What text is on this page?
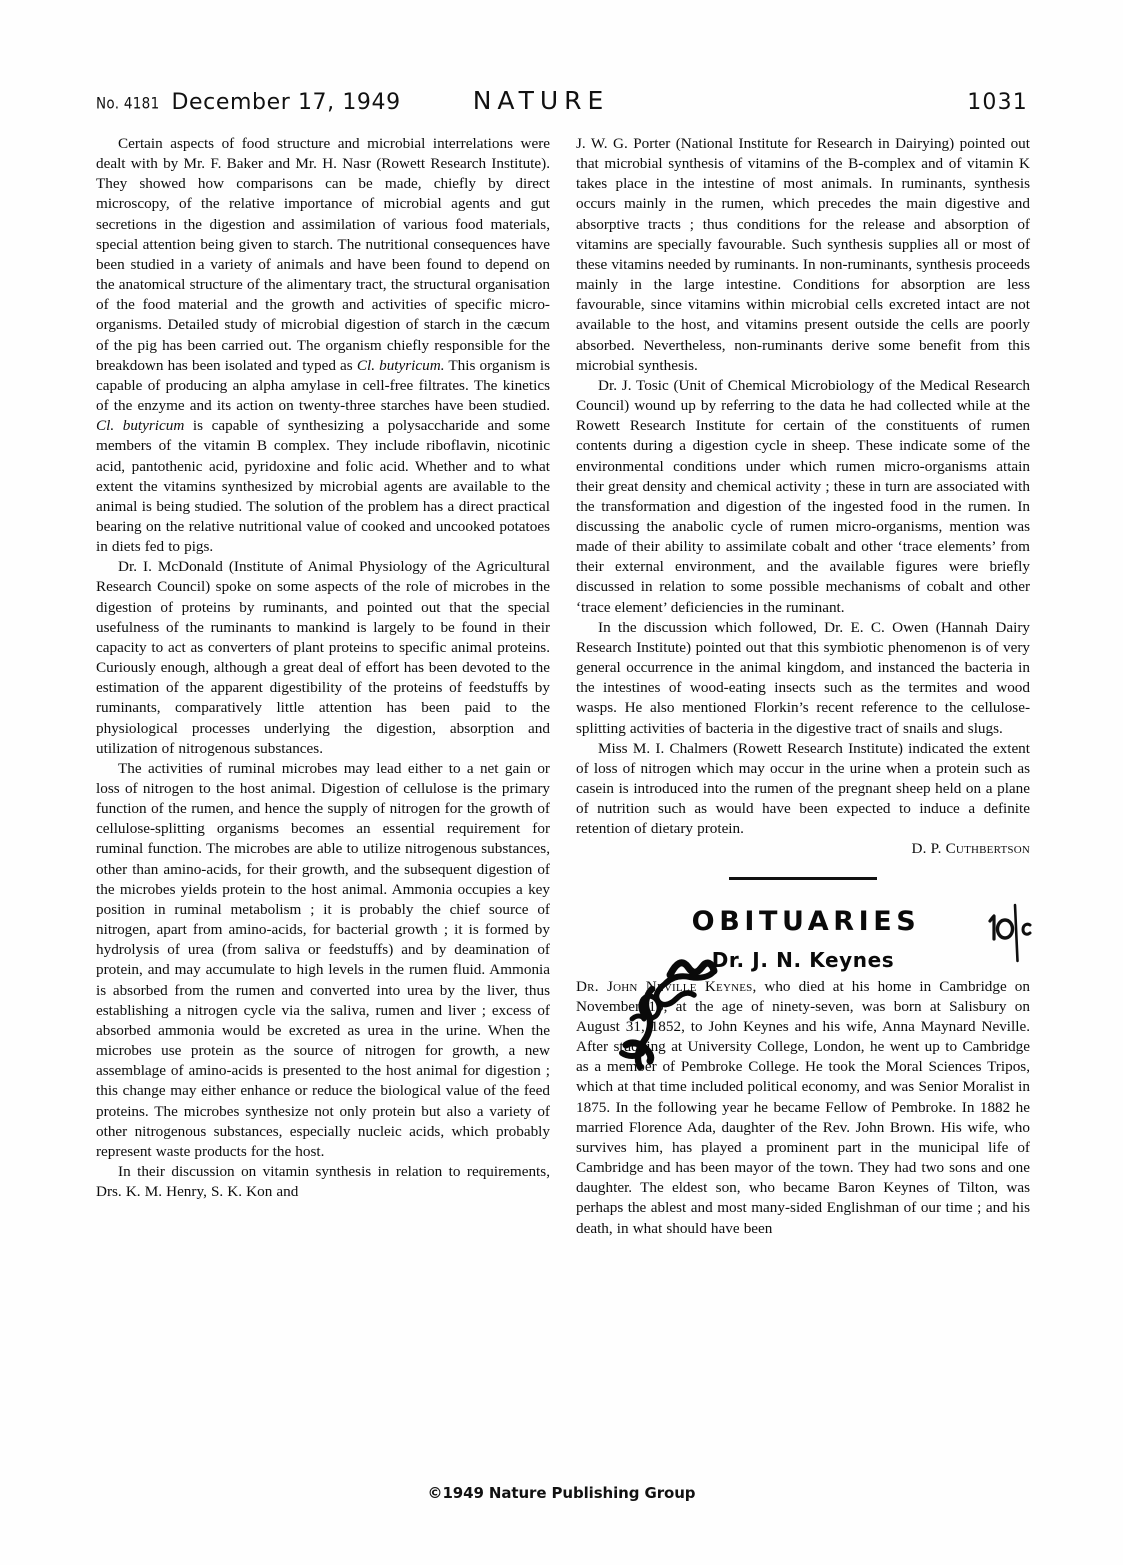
No. 4181 December 17, 1949	NATURE	1031

Certain aspects of food structure and microbial interrelations were dealt with by Mr. F. Baker and Mr. H. Nasr (Rowett Research Institute). They showed how comparisons can be made, chiefly by direct microscopy, of the relative importance of microbial agents and gut secretions in the digestion and assimilation of various food materials, special attention being given to starch. The nutritional consequences have been studied in a variety of animals and have been found to depend on the anatomical structure of the alimentary tract, the structural organisation of the food material and the growth and activities of specific micro-organisms. Detailed study of microbial digestion of starch in the cæcum of the pig has been carried out. The organism chiefly responsible for the breakdown has been isolated and typed as Cl. butyricum. This organism is capable of producing an alpha amylase in cell-free filtrates. The kinetics of the enzyme and its action on twenty-three starches have been studied. Cl. butyricum is capable of synthesizing a polysaccharide and some members of the vitamin B complex. They include riboflavin, nicotinic acid, pantothenic acid, pyridoxine and folic acid. Whether and to what extent the vitamins synthesized by microbial agents are available to the animal is being studied. The solution of the problem has a direct practical bearing on the relative nutritional value of cooked and uncooked potatoes in diets fed to pigs.

Dr. I. McDonald (Institute of Animal Physiology of the Agricultural Research Council) spoke on some aspects of the role of microbes in the digestion of proteins by ruminants, and pointed out that the special usefulness of the ruminants to mankind is largely to be found in their capacity to act as converters of plant proteins to specific animal proteins. Curiously enough, although a great deal of effort has been devoted to the estimation of the apparent digestibility of the proteins of feedstuffs by ruminants, comparatively little attention has been paid to the physiological processes underlying the digestion, absorption and utilization of nitrogenous substances.

The activities of ruminal microbes may lead either to a net gain or loss of nitrogen to the host animal. Digestion of cellulose is the primary function of the rumen, and hence the supply of nitrogen for the growth of cellulose-splitting organisms becomes an essential requirement for ruminal function. The microbes are able to utilize nitrogenous substances, other than amino-acids, for their growth, and the subsequent digestion of the microbes yields protein to the host animal. Ammonia occupies a key position in ruminal metabolism ; it is probably the chief source of nitrogen, apart from amino-acids, for bacterial growth ; it is formed by hydrolysis of urea (from saliva or feedstuffs) and by deamination of protein, and may accumulate to high levels in the rumen fluid. Ammonia is absorbed from the rumen and converted into urea by the liver, thus establishing a nitrogen cycle via the saliva, rumen and liver ; excess of absorbed ammonia would be excreted as urea in the urine. When the microbes use protein as the source of nitrogen for growth, a new assemblage of amino-acids is presented to the host animal for digestion ; this change may either enhance or reduce the biological value of the feed proteins. The microbes synthesize not only protein but also a variety of other nitrogenous substances, especially nucleic acids, which probably represent waste products for the host.

In their discussion on vitamin synthesis in relation to requirements, Drs. K. M. Henry, S. K. Kon and

J. W. G. Porter (National Institute for Research in Dairying) pointed out that microbial synthesis of vitamins of the B-complex and of vitamin K takes place in the intestine of most animals. In ruminants, synthesis occurs mainly in the rumen, which precedes the main digestive and absorptive tracts ; thus conditions for the release and absorption of vitamins are specially favourable. Such synthesis supplies all or most of these vitamins needed by ruminants. In non-ruminants, synthesis proceeds mainly in the large intestine. Conditions for absorption are less favourable, since vitamins within microbial cells excreted intact are not available to the host, and vitamins present outside the cells are poorly absorbed. Nevertheless, non-ruminants derive some benefit from this microbial synthesis.

Dr. J. Tosic (Unit of Chemical Microbiology of the Medical Research Council) wound up by referring to the data he had collected while at the Rowett Research Institute for certain of the constituents of rumen contents during a digestion cycle in sheep. These indicate some of the environmental conditions under which rumen micro-organisms attain their great density and chemical activity ; these in turn are associated with the transformation and digestion of the ingested food in the rumen. In discussing the anabolic cycle of rumen micro-organisms, mention was made of their ability to assimilate cobalt and other ‘trace elements’ from their external environment, and the available figures were briefly discussed in relation to some possible mechanisms of cobalt and other ‘trace element’ deficiencies in the ruminant.

In the discussion which followed, Dr. E. C. Owen (Hannah Dairy Research Institute) pointed out that this symbiotic phenomenon is of very general occurrence in the animal kingdom, and instanced the bacteria in the intestines of wood-eating insects such as the termites and wood wasps. He also mentioned Florkin’s recent reference to the cellulose-splitting activities of bacteria in the digestive tract of snails and slugs.

Miss M. I. Chalmers (Rowett Research Institute) indicated the extent of loss of nitrogen which may occur in the urine when a protein such as casein is introduced into the rumen of the pregnant sheep held on a plane of nutrition such as would have been expected to induce a definite retention of dietary protein.

D. P. Cuthbertson

OBITUARIES
Dr. J. N. Keynes

Dr. John Neville Keynes, who died at his home in Cambridge on November 15, at the age of ninety-seven, was born at Salisbury on August 31, 1852, to John Keynes and his wife, Anna Maynard Neville. After studying at University College, London, he went up to Cambridge as a member of Pembroke College. He took the Moral Sciences Tripos, which at that time included political economy, and was Senior Moralist in 1875. In the following year he became Fellow of Pembroke. In 1882 he married Florence Ada, daughter of the Rev. John Brown. His wife, who survives him, has played a prominent part in the municipal life of Cambridge and has been mayor of the town. They had two sons and one daughter. The eldest son, who became Baron Keynes of Tilton, was perhaps the ablest and most many-sided Englishman of our time ; and his death, in what should have been

©1949 Nature Publishing Group
